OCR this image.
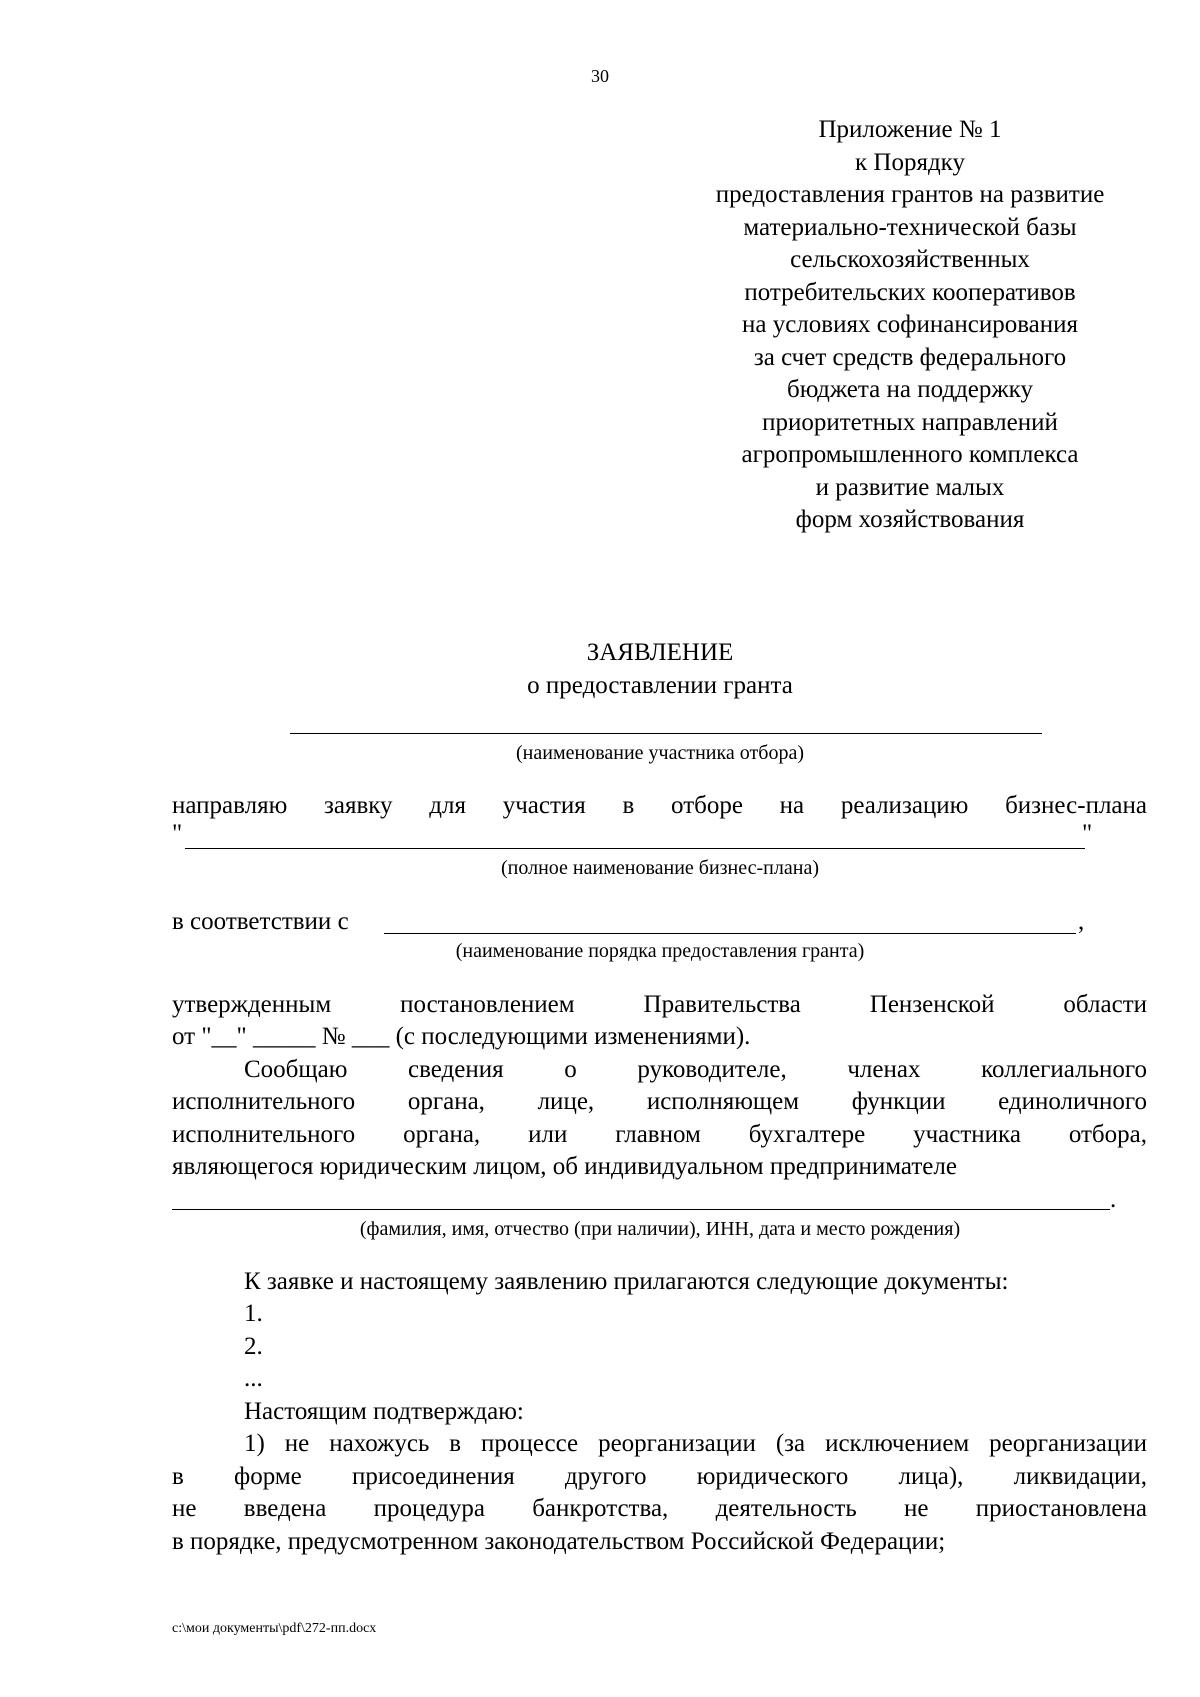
30
Приложение № 1
к Порядку
предоставления грантов на развитие
материально-технической базы
сельскохозяйственных
потребительских кооперативов
на условиях софинансирования
за счет средств федерального
бюджета на поддержку
приоритетных направлений
агропромышленного комплекса
и развитие малых
форм хозяйствования
ЗАЯВЛЕНИЕ
о предоставлении гранта
(наименование участника отбора)
направляю заявку для участия в отборе на реализацию бизнес-плана
"	"
(полное наименование бизнес-плана)
в соответствии с	,
(наименование порядка предоставления гранта)
утвержденным постановлением Правительства Пензенской области
от "__" _____ № ___ (с последующими изменениями).
Сообщаю сведения о руководителе, членах коллегиального
исполнительного органа, лице, исполняющем функции единоличного
исполнительного органа, или главном бухгалтере участника отбора,
являющегося юридическим лицом, об индивидуальном предпринимателе
.
(фамилия, имя, отчество (при наличии), ИНН, дата и место рождения)
К заявке и настоящему заявлению прилагаются следующие документы:
1.
2.
...
Настоящим подтверждаю:
1) не нахожусь в процессе реорганизации (за исключением реорганизации
в форме присоединения другого юридического лица), ликвидации,
не введена процедура банкротства, деятельность не приостановлена
в порядке, предусмотренном законодательством Российской Федерации;
c:\мои документы\pdf\272-пп.docx
